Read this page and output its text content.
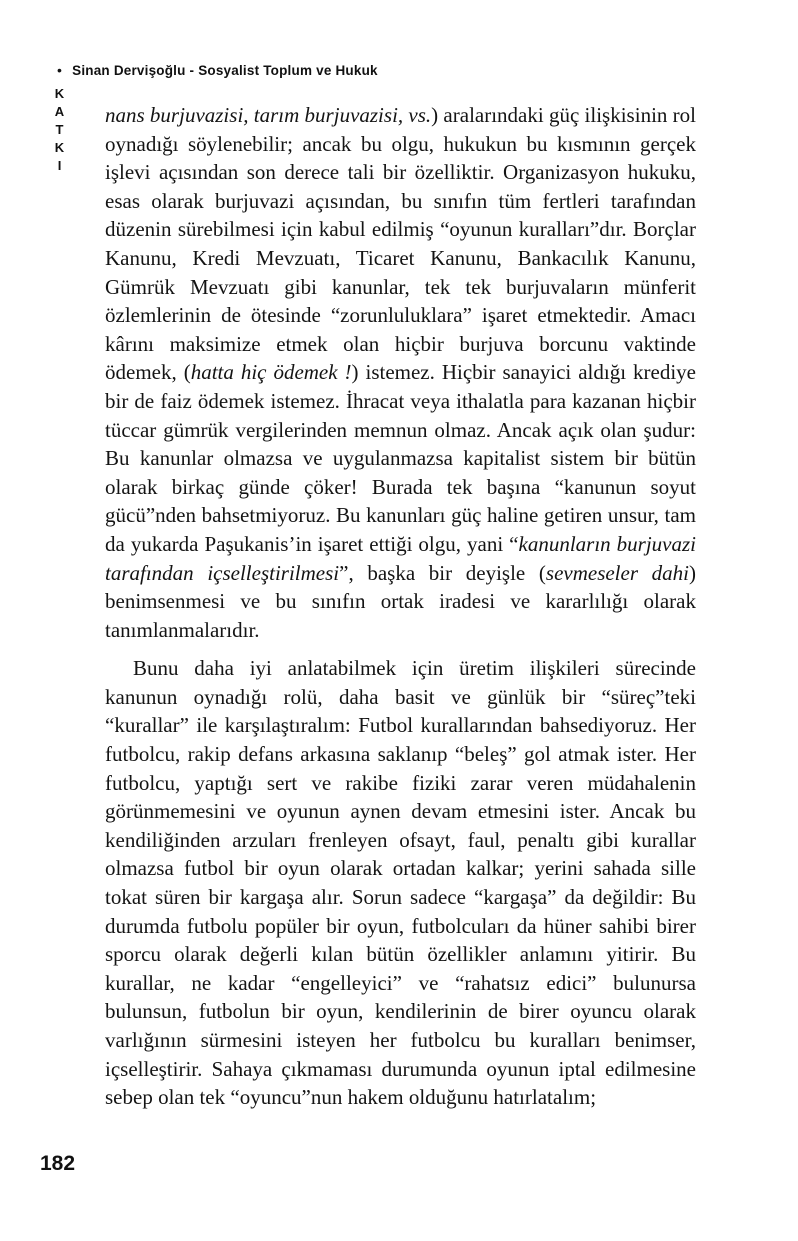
• Sinan Dervişoğlu - Sosyalist Toplum ve Hukuk
KATKI nans burjuvazisi, tarım burjuvazisi, vs.) aralarındaki güç ilişkisinin rol oynadığı söylenebilir; ancak bu olgu, hukukun bu kısmının gerçek işlevi açısından son derece tali bir özelliktir. Organizasyon hukuku, esas olarak burjuvazi açısından, bu sınıfın tüm fertleri tarafından düzenin sürebilmesi için kabul edilmiş “oyunun kuralları”dır. Borçlar Kanunu, Kredi Mevzuatı, Ticaret Kanunu, Bankacılık Kanunu, Gümrük Mevzuatı gibi kanunlar, tek tek burjuvaların münferit özlemlerinin de ötesinde “zorunluluklara” işaret etmektedir. Amacı kârını maksimize etmek olan hiçbir burjuva borcunu vaktinde ödemek, (hatta hiç ödemek !) istemez. Hiçbir sanayici aldığı krediye bir de faiz ödemek istemez. İhracat veya ithalatla para kazanan hiçbir tüccar gümrük vergilerinden memnun olmaz. Ancak açık olan şudur: Bu kanunlar olmazsa ve uygulanmazsa kapitalist sistem bir bütün olarak birkaç günde çöker! Burada tek başına “kanunun soyut gücü”nden bahsetmiyoruz. Bu kanunları güç haline getiren unsur, tam da yukarda Paşukanis’in işaret ettiği olgu, yani “kanunların burjuvazi tarafından içselleştirilmesi”, başka bir deyişle (sevmeseler dahi) benimsenmesi ve bu sınıfın ortak iradesi ve kararlılığı olarak tanımlanmalarıdır.

Bunu daha iyi anlatabilmek için üretim ilişkileri sürecinde kanunun oynadığı rolü, daha basit ve günlük bir “süreç”teki “kurallar” ile karşılaştıralım: Futbol kurallarından bahsediyoruz. Her futbolcu, rakip defans arkasına saklanıp “beleş” gol atmak ister. Her futbolcu, yaptığı sert ve rakibe fiziki zarar veren müdahalenin görünmemesini ve oyunun aynen devam etmesini ister. Ancak bu kendiliğinden arzuları frenleyen ofsayt, faul, penaltı gibi kurallar olmazsa futbol bir oyun olarak ortadan kalkar; yerini sahada sille tokat süren bir kargaşa alır. Sorun sadece “kargaşa” da değildir: Bu durumda futbolu popüler bir oyun, futbolcuları da hüner sahibi birer sporcu olarak değerli kılan bütün özellikler anlamını yitirir. Bu kurallar, ne kadar “engelleyici” ve “rahatsız edici” bulunursa bulunsun, futbolun bir oyun, kendilerinin de birer oyuncu olarak varlığının sürmesini isteyen her futbolcu bu kuralları benimser, içselleştirir. Sahaya çıkmaması durumunda oyunun iptal edilmesine sebep olan tek “oyuncu”nun hakem olduğunu hatırlatalım;

182
